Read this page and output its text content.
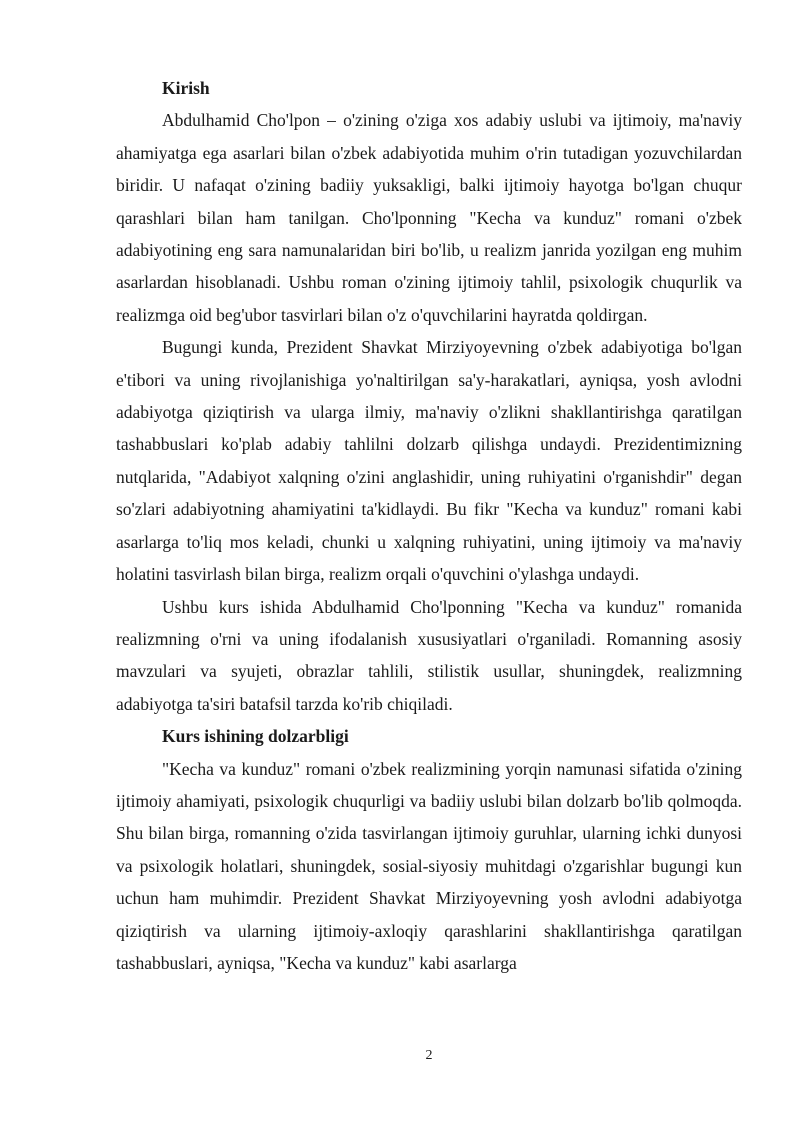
Kirish

Abdulhamid Cho'lpon – o'zining o'ziga xos adabiy uslubi va ijtimoiy, ma'naviy ahamiyatga ega asarlari bilan o'zbek adabiyotida muhim o'rin tutadigan yozuvchilardan biridir. U nafaqat o'zining badiiy yuksakligi, balki ijtimoiy hayotga bo'lgan chuqur qarashlari bilan ham tanilgan. Cho'lponning "Kecha va kunduz" romani o'zbek adabiyotining eng sara namunalaridan biri bo'lib, u realizm janrida yozilgan eng muhim asarlardan hisoblanadi. Ushbu roman o'zining ijtimoiy tahlil, psixologik chuqurlik va realizmga oid beg'ubor tasvirlari bilan o'z o'quvchilarini hayratda qoldirgan.

Bugungi kunda, Prezident Shavkat Mirziyoyevning o'zbek adabiyotiga bo'lgan e'tibori va uning rivojlanishiga yo'naltirilgan sa'y-harakatlari, ayniqsa, yosh avlodni adabiyotga qiziqtirish va ularga ilmiy, ma'naviy o'zlikni shakllantirishga qaratilgan tashabbuslari ko'plab adabiy tahlilni dolzarb qilishga undaydi. Prezidentimizning nutqlarida, "Adabiyot xalqning o'zini anglashidir, uning ruhiyatini o'rganishdir" degan so'zlari adabiyotning ahamiyatini ta'kidlaydi. Bu fikr "Kecha va kunduz" romani kabi asarlarga to'liq mos keladi, chunki u xalqning ruhiyatini, uning ijtimoiy va ma'naviy holatini tasvirlash bilan birga, realizm orqali o'quvchini o'ylashga undaydi.

Ushbu kurs ishida Abdulhamid Cho'lponning "Kecha va kunduz" romanida realizmning o'rni va uning ifodalanish xususiyatlari o'rganiladi. Romanning asosiy mavzulari va syujeti, obrazlar tahlili, stilistik usullar, shuningdek, realizmning adabiyotga ta'siri batafsil tarzda ko'rib chiqiladi.

Kurs ishining dolzarbligi

"Kecha va kunduz" romani o'zbek realizmining yorqin namunasi sifatida o'zining ijtimoiy ahamiyati, psixologik chuqurligi va badiiy uslubi bilan dolzarb bo'lib qolmoqda. Shu bilan birga, romanning o'zida tasvirlangan ijtimoiy guruhlar, ularning ichki dunyosi va psixologik holatlari, shuningdek, sosial-siyosiy muhitdagi o'zgarishlar bugungi kun uchun ham muhimdir. Prezident Shavkat Mirziyoyevning yosh avlodni adabiyotga qiziqtirish va ularning ijtimoiy-axloqiy qarashlarini shakllantirishga qaratilgan tashabbuslari, ayniqsa, "Kecha va kunduz" kabi asarlarga

2
